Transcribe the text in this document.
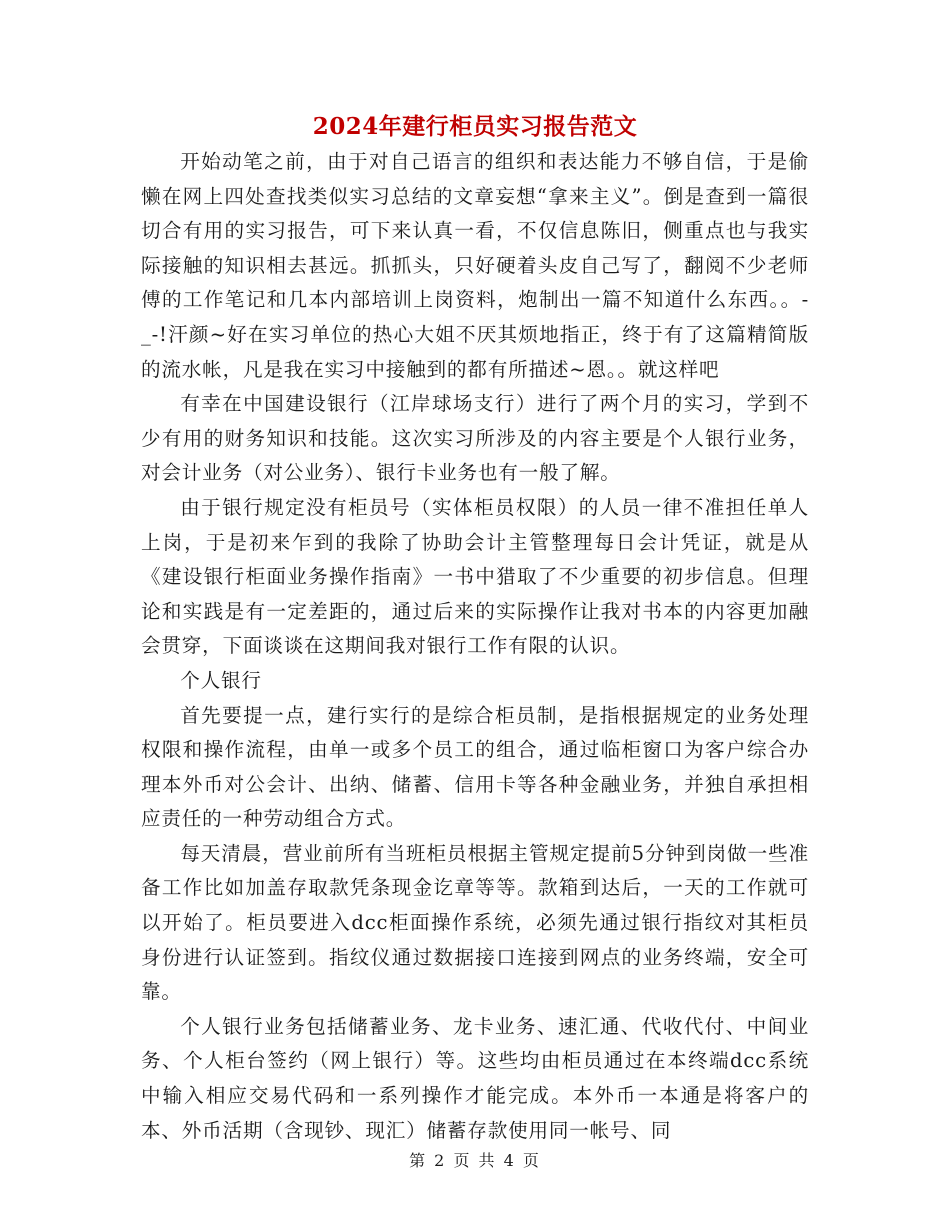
2024年建行柜员实习报告范文

开始动笔之前，由于对自己语言的组织和表达能力不够自信，于是偷懒在网上四处查找类似实习总结的文章妄想“拿来主义”。倒是查到一篇很切合有用的实习报告，可下来认真一看，不仅信息陈旧，侧重点也与我实际接触的知识相去甚远。抓抓头，只好硬着头皮自己写了，翻阅不少老师傅的工作笔记和几本内部培训上岗资料，炮制出一篇不知道什么东西。。-_-!汗颜~好在实习单位的热心大姐不厌其烦地指正，终于有了这篇精简版的流水帐，凡是我在实习中接触到的都有所描述~恩。。就这样吧

有幸在中国建设银行（江岸球场支行）进行了两个月的实习，学到不少有用的财务知识和技能。这次实习所涉及的内容主要是个人银行业务，对会计业务（对公业务）、银行卡业务也有一般了解。

由于银行规定没有柜员号（实体柜员权限）的人员一律不准担任单人上岗，于是初来乍到的我除了协助会计主管整理每日会计凭证，就是从《建设银行柜面业务操作指南》一书中猎取了不少重要的初步信息。但理论和实践是有一定差距的，通过后来的实际操作让我对书本的内容更加融会贯穿，下面谈谈在这期间我对银行工作有限的认识。

个人银行

首先要提一点，建行实行的是综合柜员制，是指根据规定的业务处理权限和操作流程，由单一或多个员工的组合，通过临柜窗口为客户综合办理本外币对公会计、出纳、储蓄、信用卡等各种金融业务，并独自承担相应责任的一种劳动组合方式。

每天清晨，营业前所有当班柜员根据主管规定提前5分钟到岗做一些准备工作比如加盖存取款凭条现金讫章等等。款箱到达后，一天的工作就可以开始了。柜员要进入dcc柜面操作系统，必须先通过银行指纹对其柜员身份进行认证签到。指纹仪通过数据接口连接到网点的业务终端，安全可靠。

个人银行业务包括储蓄业务、龙卡业务、速汇通、代收代付、中间业务、个人柜台签约（网上银行）等。这些均由柜员通过在本终端dcc系统中输入相应交易代码和一系列操作才能完成。本外币一本通是将客户的本、外币活期（含现钞、现汇）储蓄存款使用同一帐号、同

第 2 页 共 4 页
